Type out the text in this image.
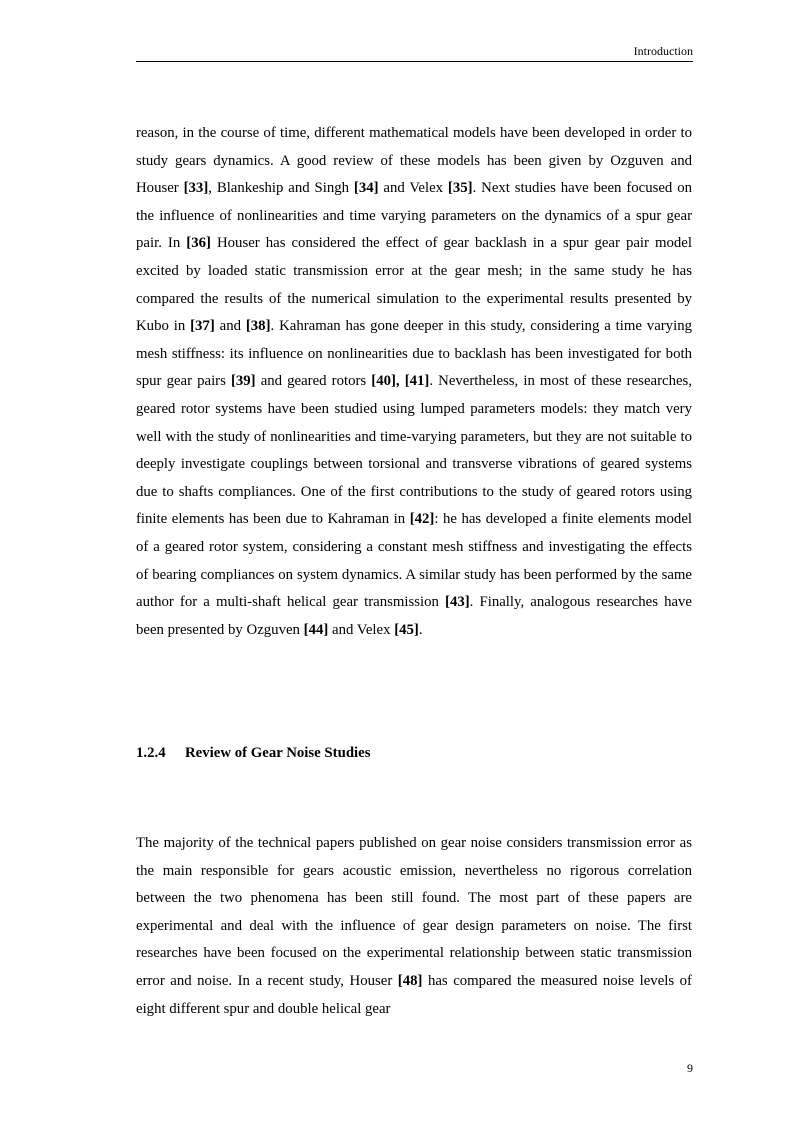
Introduction

reason, in the course of time, different mathematical models have been developed in order to study gears dynamics. A good review of these models has been given by Ozguven and Houser [33], Blankeship and Singh [34] and Velex [35]. Next studies have been focused on the influence of nonlinearities and time varying parameters on the dynamics of a spur gear pair. In [36] Houser has considered the effect of gear backlash in a spur gear pair model excited by loaded static transmission error at the gear mesh; in the same study he has compared the results of the numerical simulation to the experimental results presented by Kubo in [37] and [38]. Kahraman has gone deeper in this study, considering a time varying mesh stiffness: its influence on nonlinearities due to backlash has been investigated for both spur gear pairs [39] and geared rotors [40], [41]. Nevertheless, in most of these researches, geared rotor systems have been studied using lumped parameters models: they match very well with the study of nonlinearities and time-varying parameters, but they are not suitable to deeply investigate couplings between torsional and transverse vibrations of geared systems due to shafts compliances. One of the first contributions to the study of geared rotors using finite elements has been due to Kahraman in [42]: he has developed a finite elements model of a geared rotor system, considering a constant mesh stiffness and investigating the effects of bearing compliances on system dynamics. A similar study has been performed by the same author for a multi-shaft helical gear transmission [43]. Finally, analogous researches have been presented by Ozguven [44] and Velex [45].

1.2.4 Review of Gear Noise Studies

The majority of the technical papers published on gear noise considers transmission error as the main responsible for gears acoustic emission, nevertheless no rigorous correlation between the two phenomena has been still found. The most part of these papers are experimental and deal with the influence of gear design parameters on noise. The first researches have been focused on the experimental relationship between static transmission error and noise. In a recent study, Houser [48] has compared the measured noise levels of eight different spur and double helical gear

9
